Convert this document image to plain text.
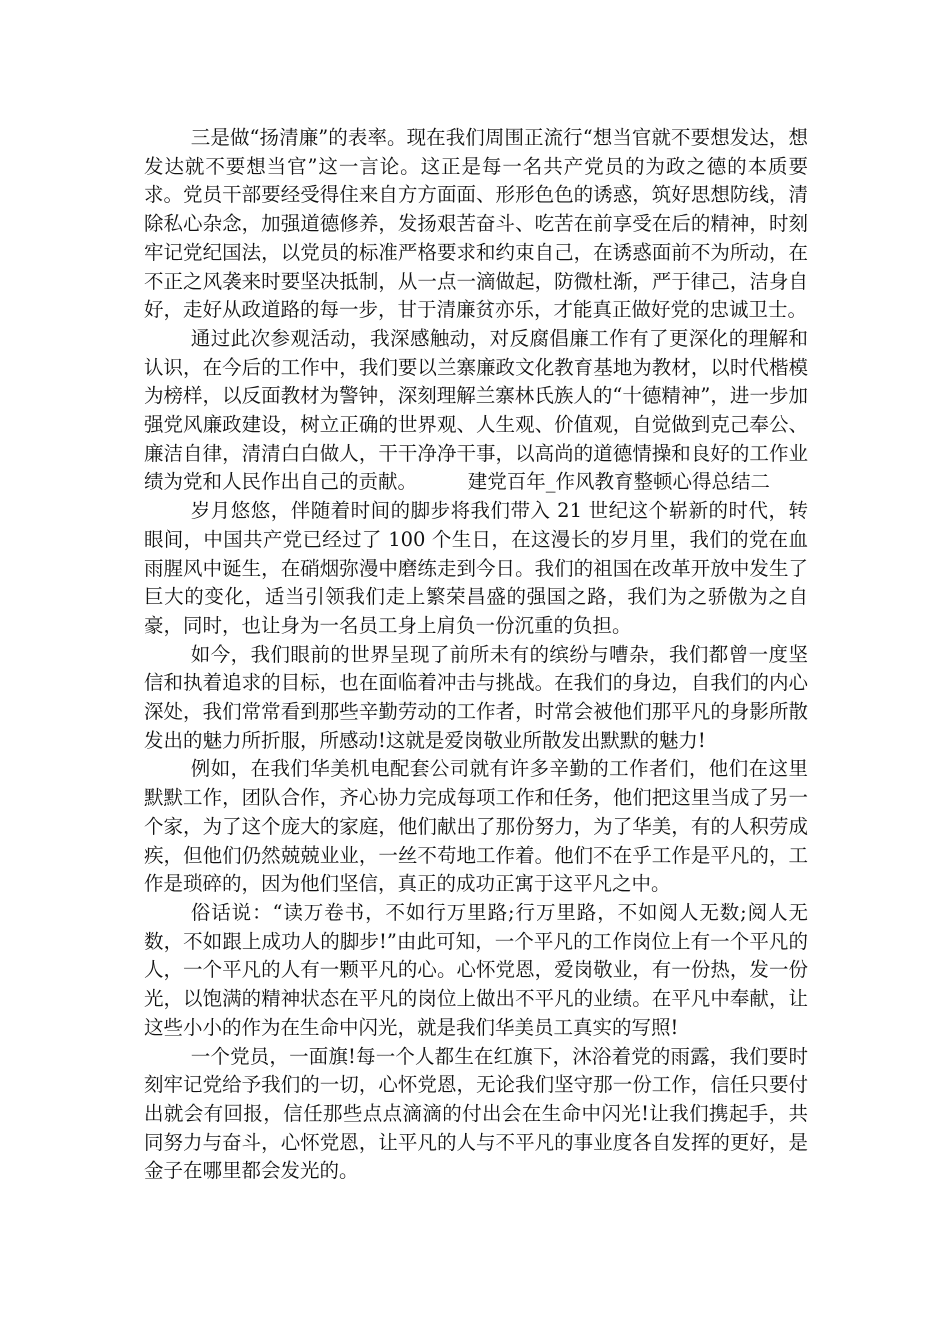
三是做“扬清廉”的表率。现在我们周围正流行“想当官就不要想发达，想发达就不要想当官”这一言论。这正是每一名共产党员的为政之德的本质要求。党员干部要经受得住来自方方面面、形形色色的诱惑，筑好思想防线，清除私心杂念，加强道德修养，发扬艰苦奋斗、吃苦在前享受在后的精神，时刻牢记党纪国法，以党员的标准严格要求和约束自己，在诱惑面前不为所动，在不正之风袭来时要坚决抵制，从一点一滴做起，防微杜渐，严于律己，洁身自好，走好从政道路的每一步，甘于清廉贫亦乐，才能真正做好党的忠诚卫士。

通过此次参观活动，我深感触动，对反腐倡廉工作有了更深化的理解和认识，在今后的工作中，我们要以兰寨廉政文化教育基地为教材，以时代楷模为榜样，以反面教材为警钟，深刻理解兰寨林氏族人的“十德精神”，进一步加强党风廉政建设，树立正确的世界观、人生观、价值观，自觉做到克己奉公、廉洁自律，清清白白做人，干干净净干事，以高尚的道德情操和良好的工作业绩为党和人民作出自己的贡献。	建党百年_作风教育整顿心得总结二

岁月悠悠，伴随着时间的脚步将我们带入 21 世纪这个崭新的时代，转眼间，中国共产党已经过了 100 个生日，在这漫长的岁月里，我们的党在血雨腥风中诞生，在硝烟弥漫中磨练走到今日。我们的祖国在改革开放中发生了巨大的变化，适当引领我们走上繁荣昌盛的强国之路，我们为之骄傲为之自豪，同时，也让身为一名员工身上肩负一份沉重的负担。

如今，我们眼前的世界呈现了前所未有的缤纷与嘈杂，我们都曾一度坚信和执着追求的目标，也在面临着冲击与挑战。在我们的身边，自我们的内心深处，我们常常看到那些辛勤劳动的工作者，时常会被他们那平凡的身影所散发出的魅力所折服，所感动!这就是爱岗敬业所散发出默默的魅力!

例如，在我们华美机电配套公司就有许多辛勤的工作者们，他们在这里默默工作，团队合作，齐心协力完成每项工作和任务，他们把这里当成了另一个家，为了这个庞大的家庭，他们献出了那份努力，为了华美，有的人积劳成疾，但他们仍然兢兢业业，一丝不苟地工作着。他们不在乎工作是平凡的，工作是琐碎的，因为他们坚信，真正的成功正寓于这平凡之中。

俗话说：“读万卷书，不如行万里路;行万里路，不如阅人无数;阅人无数，不如跟上成功人的脚步!”由此可知，一个平凡的工作岗位上有一个平凡的人，一个平凡的人有一颗平凡的心。心怀党恩，爱岗敬业，有一份热，发一份光，以饱满的精神状态在平凡的岗位上做出不平凡的业绩。在平凡中奉献，让这些小小的作为在生命中闪光，就是我们华美员工真实的写照!

一个党员，一面旗!每一个人都生在红旗下，沐浴着党的雨露，我们要时刻牢记党给予我们的一切，心怀党恩，无论我们坚守那一份工作，信任只要付出就会有回报，信任那些点点滴滴的付出会在生命中闪光!让我们携起手，共同努力与奋斗，心怀党恩，让平凡的人与不平凡的事业度各自发挥的更好，是金子在哪里都会发光的。
